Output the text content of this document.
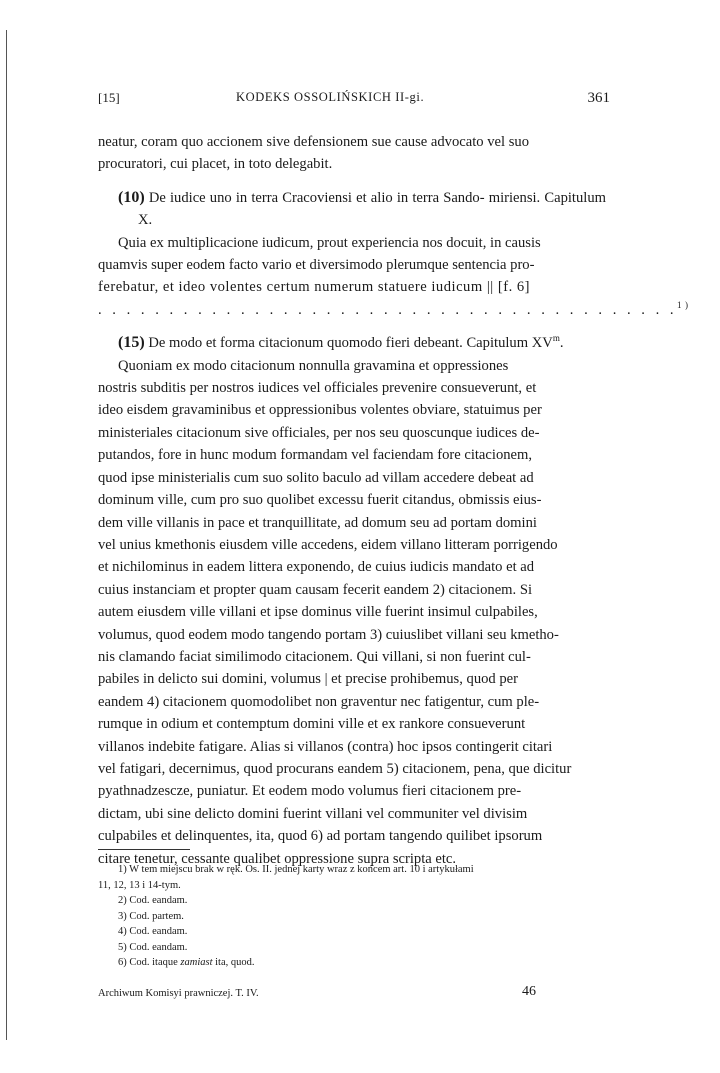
[15]	KODEKS OSSOLIŃSKICH II-gi.	361

neatur, coram quo accionem sive defensionem sue cause advocato vel suo

procuratori, cui placet, in toto delegabit.

(10) De iudice uno in terra Cracoviensi et alio in terra Sando- miriensi. Capitulum X.

Quia ex multiplicacione iudicum, prout experiencia nos docuit, in causis

quamvis super eodem facto vario et diversimodo plerumque sentencia pro-

ferebatur, et ideo volentes certum numerum statuere iudicum || [f. 6]

. . . . . . . . . . . . . . . . . . . . . . . . . . . . . . . . . . . . . . . . .$^{1)}$

(15) De modo et forma citacionum quomodo fieri debeant. Capitulum $XV^m$.

Quoniam ex modo citacionum nonnulla gravamina et oppressiones

nostris subditis per nostros iudices vel officiales prevenire consueverunt, et

ideo eisdem gravaminibus et oppressionibus volentes obviare, statuimus per

ministeriales citacionum sive officiales, per nos seu quoscunque iudices de-

putandos, fore in hunc modum formandam vel faciendam fore citacionem,

quod ipse ministerialis cum suo solito baculo ad villam accedere debeat ad

dominum ville, cum pro suo quolibet excessu fuerit citandus, obmissis eius-

dem ville villanis in pace et tranquillitate, ad domum seu ad portam domini

vel unius kmethonis eiusdem ville accedens, eidem villano litteram porrigendo

et nichilominus in eadem littera exponendo, de cuius iudicis mandato et ad

cuius instanciam et propter quam causam fecerit eandem 2) citacionem. Si

autem eiusdem ville villani et ipse dominus ville fuerint insimul culpabiles,

volumus, quod eodem modo tangendo portam 3) cuiuslibet villani seu kmetho-

nis clamando faciat similimodo citacionem. Qui villani, si non fuerint cul-

pabiles in delicto sui domini, volumus | et precise prohibemus, quod per

eandem 4) citacionem quomodolibet non graventur nec fatigentur, cum ple-

rumque in odium et contemptum domini ville et ex rankore consueverunt

villanos indebite fatigare. Alias si villanos (contra) hoc ipsos contingerit citari

vel fatigari, decernimus, quod procurans eandem 5) citacionem, pena, que dicitur

pyathnadzesczе, puniatur. Et eodem modo volumus fieri citacionem pre-

dictam, ubi sine delicto domini fuerint villani vel communiter vel divisim

culpabiles et delinquentes, ita, quod 6) ad portam tangendo quilibet ipsorum

citare tenetur, cessante qualibet oppressione supra scripta etc.

1) W tem miejscu brak w ręk. Os. II. jednej karty wraz z końcem art. 10 i artykułami

11, 12, 13 i 14-tym.

2) Cod. eandam.

3) Cod. partem.

4) Cod. eandam.

5) Cod. eandam.

6) Cod. itaque zamiast ita, quod.

Archiwum Komisyi prawniczej. T. IV.	46
